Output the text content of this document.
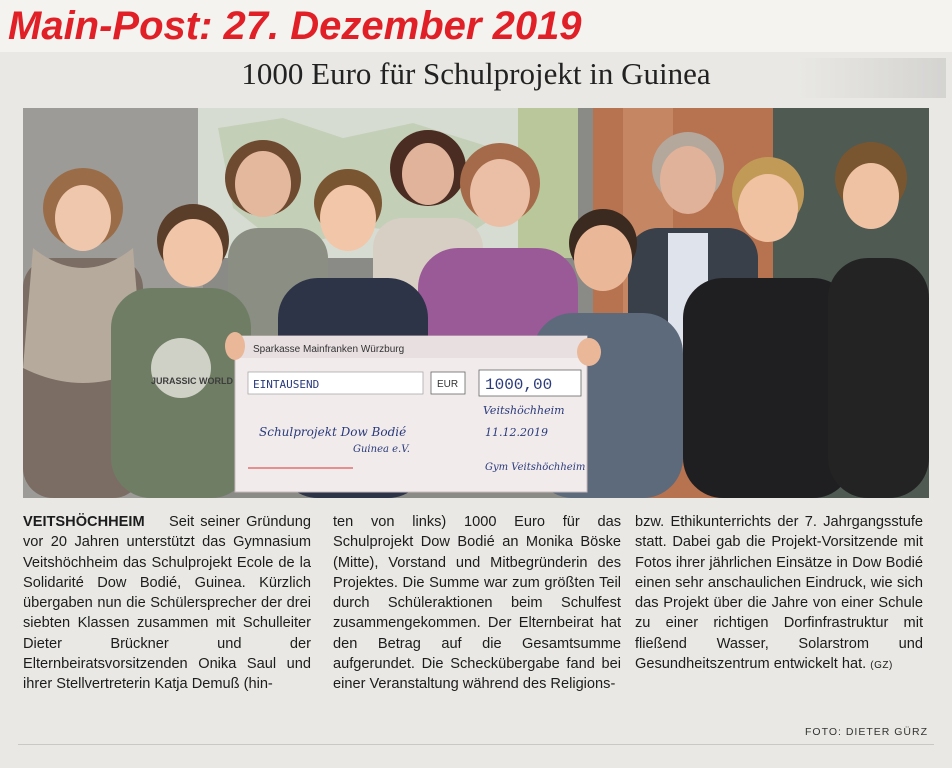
Main-Post: 27. Dezember 2019
1000 Euro für Schulprojekt in Guinea
Sparkasse Mainfranken Würzburg
EINTAUSEND	EUR 1000,00
Veitshöchheim
Schulprojekt Dow Bodié
Guinea e.V.
11.12.2019
Gym Veitshöchheim
JURASSIC WORLD
VEITSHÖCHHEIM Seit seiner Gründung vor 20 Jahren unterstützt das Gymnasium Veitshöchheim das Schulprojekt Ecole de la Solidarité Dow Bodié, Guinea. Kürzlich übergaben nun die Schülersprecher der drei siebten Klassen zusammen mit Schulleiter Dieter Brückner und der Elternbeiratsvorsitzenden Onika Saul und ihrer Stellvertreterin Katja Demuß (hin-
ten von links) 1000 Euro für das Schulprojekt Dow Bodié an Monika Böske (Mitte), Vorstand und Mitbegründerin des Projektes. Die Summe war zum größten Teil durch Schüleraktionen beim Schulfest zusammengekommen. Der Elternbeirat hat den Betrag auf die Gesamtsumme aufgerundet. Die Scheckübergabe fand bei einer Veranstaltung während des Religions-
bzw. Ethikunterrichts der 7. Jahrgangsstufe statt. Dabei gab die Projekt-Vorsitzende mit Fotos ihrer jährlichen Einsätze in Dow Bodié einen sehr anschaulichen Eindruck, wie sich das Projekt über die Jahre von einer Schule zu einer richtigen Dorfinfrastruktur mit fließend Wasser, Solarstrom und Gesundheitszentrum entwickelt hat. (GZ)
FOTO: DIETER GÜRZ
